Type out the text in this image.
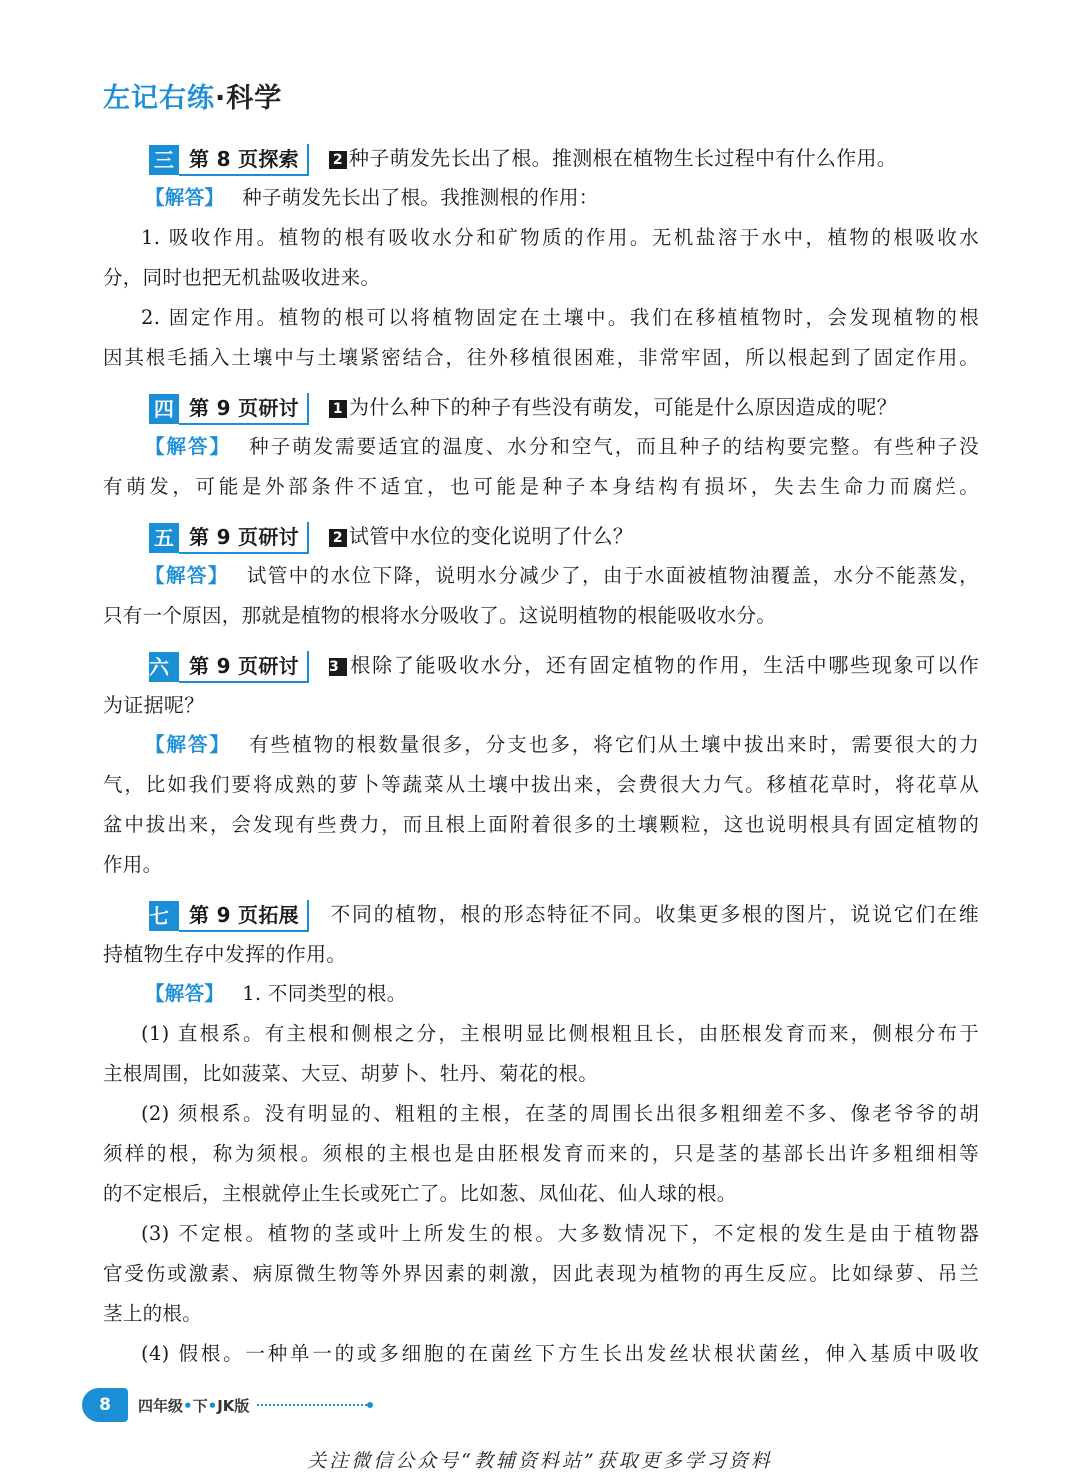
左记右练·科学
三 第 8 页探索	2 种子萌发先长出了根。推测根在植物生长过程中有什么作用。
【解答】 种子萌发先长出了根。我推测根的作用：
1. 吸收作用。植物的根有吸收水分和矿物质的作用。无机盐溶于水中，植物的根吸收水
分，同时也把无机盐吸收进来。
2. 固定作用。植物的根可以将植物固定在土壤中。我们在移植植物时，会发现植物的根
因其根毛插入土壤中与土壤紧密结合，往外移植很困难，非常牢固，所以根起到了固定作用。
四 第 9 页研讨	1 为什么种下的种子有些没有萌发，可能是什么原因造成的呢？
【解答】 种子萌发需要适宜的温度、水分和空气，而且种子的结构要完整。有些种子没
有萌发，可能是外部条件不适宜，也可能是种子本身结构有损坏，失去生命力而腐烂。
五 第 9 页研讨	2 试管中水位的变化说明了什么？
【解答】 试管中的水位下降，说明水分减少了，由于水面被植物油覆盖，水分不能蒸发，
只有一个原因，那就是植物的根将水分吸收了。这说明植物的根能吸收水分。
六 第 9 页研讨	3 根除了能吸收水分，还有固定植物的作用，生活中哪些现象可以作
为证据呢？
【解答】 有些植物的根数量很多，分支也多，将它们从土壤中拔出来时，需要很大的力
气，比如我们要将成熟的萝卜等蔬菜从土壤中拔出来，会费很大力气。移植花草时，将花草从
盆中拔出来，会发现有些费力，而且根上面附着很多的土壤颗粒，这也说明根具有固定植物的
作用。
七 第 9 页拓展	不同的植物，根的形态特征不同。收集更多根的图片，说说它们在维
持植物生存中发挥的作用。
【解答】 1. 不同类型的根。
(1) 直根系。有主根和侧根之分，主根明显比侧根粗且长，由胚根发育而来，侧根分布于
主根周围，比如菠菜、大豆、胡萝卜、牡丹、菊花的根。
(2) 须根系。没有明显的、粗粗的主根，在茎的周围长出很多粗细差不多、像老爷爷的胡
须样的根，称为须根。须根的主根也是由胚根发育而来的，只是茎的基部长出许多粗细相等
的不定根后，主根就停止生长或死亡了。比如葱、凤仙花、仙人球的根。
(3) 不定根。植物的茎或叶上所发生的根。大多数情况下，不定根的发生是由于植物器
官受伤或激素、病原微生物等外界因素的刺激，因此表现为植物的再生反应。比如绿萝、吊兰
茎上的根。
(4) 假根。一种单一的或多细胞的在菌丝下方生长出发丝状根状菌丝，伸入基质中吸收
8	四年级•下•JK版
关注微信公众号“教辅资料站”获取更多学习资料
